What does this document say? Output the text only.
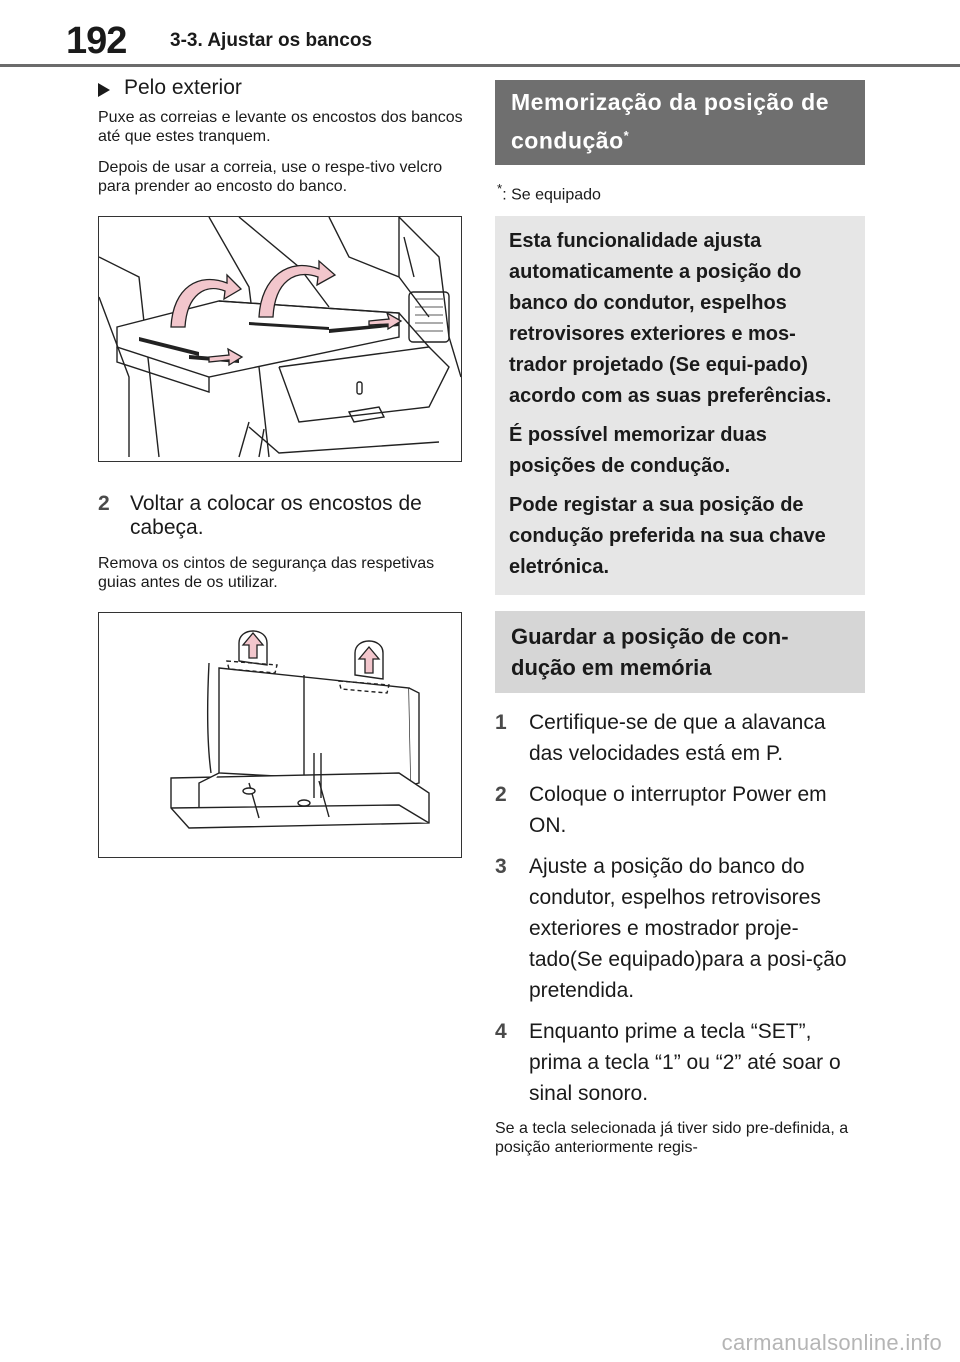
192 3-3. Ajustar os bancos
Pelo exterior

Puxe as correias e levante os encostos dos bancos até que estes tranquem.

Depois de usar a correia, use o respe-tivo velcro para prender ao encosto do banco.

2 Voltar a colocar os encostos de cabeça.

Remova os cintos de segurança das respetivas guias antes de os utilizar.

Memorização da posição de condução*
*: Se equipado

Esta funcionalidade ajusta automaticamente a posição do banco do condutor, espelhos retrovisores exteriores e mos-trador projetado (Se equi-pado) acordo com as suas preferências.

É possível memorizar duas posições de condução.

Pode registar a sua posição de condução preferida na sua chave eletrónica.

Guardar a posição de con-dução em memória
1 Certifique-se de que a alavanca das velocidades está em P.
2 Coloque o interruptor Power em ON.
3 Ajuste a posição do banco do condutor, espelhos retrovisores exteriores e mostrador proje-tado(Se equipado)para a posi-ção pretendida.
4 Enquanto prime a tecla “SET”, prima a tecla “1” ou “2” até soar o sinal sonoro.

Se a tecla selecionada já tiver sido pre-definida, a posição anteriormente regis-

carmanualsonline.info
